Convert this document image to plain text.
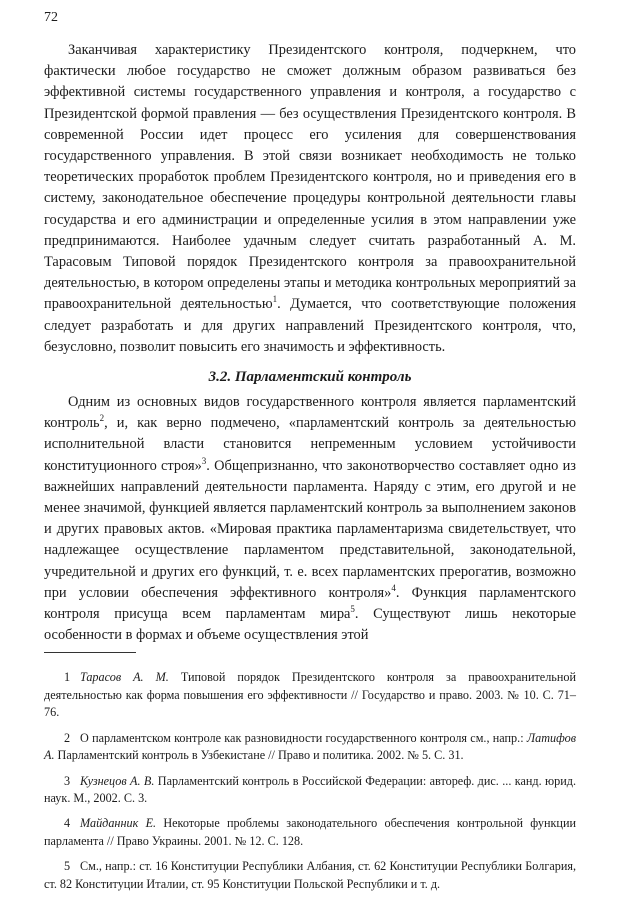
72

Заканчивая характеристику Президентского контроля, подчеркнем, что фактически любое государство не сможет должным образом развиваться без эффективной системы государственного управления и контроля, а государство с Президентской формой правления — без осуществления Президентского контроля. В современной России идет процесс его усиления для совершенствования государственного управления. В этой связи возникает необходимость не только теоретических проработок проблем Президентского контроля, но и приведения его в систему, законодательное обеспечение процедуры контрольной деятельности главы государства и его администрации и определенные усилия в этом направлении уже предпринимаются. Наиболее удачным следует считать разработанный А. М. Тарасовым Типовой порядок Президентского контроля за правоохранительной деятельностью, в котором определены этапы и методика контрольных мероприятий за правоохранительной деятельностью$^1$. Думается, что соответствующие положения следует разработать и для других направлений Президентского контроля, что, безусловно, позволит повысить его значимость и эффективность.

3.2. Парламентский контроль

Одним из основных видов государственного контроля является парламентский контроль$^2$, и, как верно подмечено, «парламентский контроль за деятельностью исполнительной власти становится непременным условием устойчивости конституционного строя»$^3$. Общепризнанно, что законотворчество составляет одно из важнейших направлений деятельности парламента. Наряду с этим, его другой и не менее значимой, функцией является парламентский контроль за выполнением законов и других правовых актов. «Мировая практика парламентаризма свидетельствует, что надлежащее осуществление парламентом представительной, законодательной, учредительной и других его функций, т. е. всех парламентских прерогатив, возможно при условии обеспечения эффективного контроля»$^4$. Функция парламентского контроля присуща всем парламентам мира$^5$. Существуют лишь некоторые особенности в формах и объеме осуществления этой

1 Тарасов А. М. Типовой порядок Президентского контроля за правоохранительной деятельностью как форма повышения его эффективности // Государство и право. 2003. № 10. С. 71–76.

2 О парламентском контроле как разновидности государственного контроля см., напр.: Латифов А. Парламентский контроль в Узбекистане // Право и политика. 2002. № 5. С. 31.

3 Кузнецов А. В. Парламентский контроль в Российской Федерации: автореф. дис. ... канд. юрид. наук. М., 2002. С. 3.

4 Майданник Е. Некоторые проблемы законодательного обеспечения контрольной функции парламента // Право Украины. 2001. № 12. С. 128.

5 См., напр.: ст. 16 Конституции Республики Албания, ст. 62 Конституции Республики Болгария, ст. 82 Конституции Италии, ст. 95 Конституции Польской Республики и т. д.
